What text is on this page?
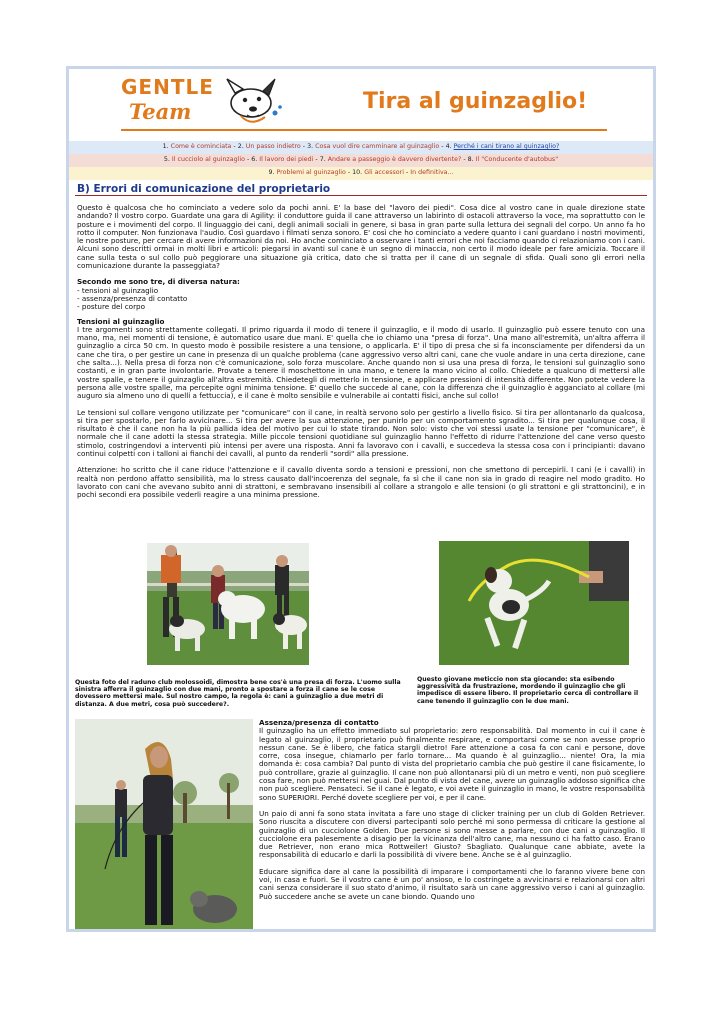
GENTLE
Team	Tira al guinzaglio!
1. Come è cominciata - 2. Un passo indietro - 3. Cosa vuol dire camminare al guinzaglio - 4. Perché i cani tirano al guinzaglio?
5. Il cucciolo al guinzaglio - 6. Il lavoro dei piedi - 7. Andare a passeggio è davvero divertente? - 8. Il "Conducente d'autobus"
9. Problemi al guinzaglio - 10. Gli accessori - In definitiva...
B) Errori di comunicazione del proprietario

Questo è qualcosa che ho cominciato a vedere solo da pochi anni. E' la base del "lavoro dei piedi". Cosa dice al vostro cane in quale direzione state andando? Il vostro corpo. Guardate una gara di Agility: il conduttore guida il cane attraverso un labirinto di ostacoli attraverso la voce, ma soprattutto con le posture e i movimenti del corpo. Il linguaggio dei cani, degli animali sociali in genere, si basa in gran parte sulla lettura dei segnali del corpo. Un anno fa ho rotto il computer. Non funzionava l'audio. Così guardavo i filmati senza sonoro. E' così che ho cominciato a vedere quanto i cani guardano i nostri movimenti, le nostre posture, per cercare di avere informazioni da noi. Ho anche cominciato a osservare i tanti errori che noi facciamo quando ci relazioniamo con i cani. Alcuni sono descritti ormai in molti libri e articoli: piegarsi in avanti sul cane è un segno di minaccia, non certo il modo ideale per fare amicizia. Toccare il cane sulla testa o sul collo può peggiorare una situazione già critica, dato che si tratta per il cane di un segnale di sfida. Quali sono gli errori nella comunicazione durante la passeggiata?

Secondo me sono tre, di diversa natura:
- tensioni al guinzaglio
- assenza/presenza di contatto
- posture del corpo

Tensioni al guinzaglio
I tre argomenti sono strettamente collegati. Il primo riguarda il modo di tenere il guinzaglio, e il modo di usarlo. Il guinzaglio può essere tenuto con una mano, ma, nei momenti di tensione, è automatico usare due mani. E' quella che io chiamo una "presa di forza". Una mano all'estremità, un'altra afferra il guinzaglio a circa 50 cm. In questo modo è possibile resistere a una tensione, o applicarla. E' il tipo di presa che si fa inconsciamente per difendersi da un cane che tira, o per gestire un cane in presenza di un qualche problema (cane aggressivo verso altri cani, cane che vuole andare in una certa direzione, cane che salta...). Nella presa di forza non c'è comunicazione, solo forza muscolare. Anche quando non si usa una presa di forza, le tensioni sul guinzaglio sono costanti, e in gran parte involontarie. Provate a tenere il moschettone in una mano, e tenere la mano vicino al collo. Chiedete a qualcuno di mettersi alle vostre spalle, e tenere il guinzaglio all'altra estremità. Chiedetegli di metterlo in tensione, e applicare pressioni di intensità differente. Non potete vedere la persona alle vostre spalle, ma percepite ogni minima tensione. E' quello che succede al cane, con la differenza che il guinzaglio è agganciato al collare (mi auguro sia almeno uno di quelli a fettuccia), e il cane è molto sensibile e vulnerabile ai contatti fisici, anche sul collo!

Le tensioni sul collare vengono utilizzate per "comunicare" con il cane, in realtà servono solo per gestirlo a livello fisico. Si tira per allontanarlo da qualcosa, si tira per spostarlo, per farlo avvicinare... Si tira per avere la sua attenzione, per punirlo per un comportamento sgradito... Si tira per qualunque cosa, il risultato è che il cane non ha la più pallida idea del motivo per cui lo state tirando. Non solo: visto che voi stessi usate la tensione per "comunicare", è normale che il cane adotti la stessa strategia. Mille piccole tensioni quotidiane sul guinzaglio hanno l'effetto di ridurre l'attenzione del cane verso questo stimolo, costringendovi a interventi più intensi per avere una risposta. Anni fa lavoravo con i cavalli, e succedeva la stessa cosa con i principianti: davano continui colpetti con i talloni ai fianchi dei cavalli, al punto da renderli "sordi" alla pressione.

Attenzione: ho scritto che il cane riduce l'attenzione e il cavallo diventa sordo a tensioni e pressioni, non che smettono di percepirli. I cani (e i cavalli) in realtà non perdono affatto sensibilità, ma lo stress causato dall'incoerenza del segnale, fa sì che il cane non sia in grado di reagire nel modo gradito. Ho lavorato con cani che avevano subito anni di strattoni, e sembravano insensibili al collare a strangolo e alle tensioni (o gli strattoni e gli strattoncini), e in pochi secondi era possibile vederli reagire a una minima pressione.

Questa foto del raduno club molossoidi, dimostra bene cos'è una presa di forza. L'uomo sulla sinistra afferra il guinzaglio con due mani, pronto a spostare a forza il cane se le cose dovessero mettersi male. Sul nostro campo, la regola è: cani a guinzaglio a due metri di distanza. A due metri, cosa può succedere?.
Questo giovane meticcio non sta giocando: sta esibendo aggressività da frustrazione, mordendo il guinzaglio che gli impedisce di essere libero. Il proprietario cerca di controllare il cane tenendo il guinzaglio con le due mani.

Assenza/presenza di contatto
Il guinzaglio ha un effetto immediato sul proprietario: zero responsabilità. Dal momento in cui il cane è legato al guinzaglio, il proprietario può finalmente respirare, e comportarsi come se non avesse proprio nessun cane. Se è libero, che fatica stargli dietro! Fare attenzione a cosa fa con cani e persone, dove corre, cosa insegue, chiamarlo per farlo tornare... Ma quando è al guinzaglio... niente! Ora, la mia domanda è: cosa cambia? Dal punto di vista del proprietario cambia che può gestire il cane fisicamente, lo può controllare, grazie al guinzaglio. Il cane non può allontanarsi più di un metro e venti, non può scegliere cosa fare, non può mettersi nei guai. Dal punto di vista del cane, avere un guinzaglio addosso significa che non può scegliere. Pensateci. Se il cane è legato, e voi avete il guinzaglio in mano, le vostre responsabilità sono SUPERIORI. Perché dovete scegliere per voi, e per il cane.

Un paio di anni fa sono stata invitata a fare uno stage di clicker training per un club di Golden Retriever. Sono riuscita a discutere con diversi partecipanti solo perché mi sono permessa di criticare la gestione al guinzaglio di un cucciolone Golden. Due persone si sono messe a parlare, con due cani a guinzaglio. Il cucciolone era palesemente a disagio per la vicinanza dell'altro cane, ma nessuno ci ha fatto caso. Erano due Retriever, non erano mica Rottweiler! Giusto? Sbagliato. Qualunque cane abbiate, avete la responsabilità di educarlo e darli la possibilità di vivere bene. Anche se è al guinzaglio.

Educare significa dare al cane la possibilità di imparare i comportamenti che lo faranno vivere bene con voi, in casa e fuori. Se il vostro cane è un po' ansioso, e lo costringete a avvicinarsi e relazionarsi con altri cani senza considerare il suo stato d'animo, il risultato sarà un cane aggressivo verso i cani al guinzaglio. Può succedere anche se avete un cane biondo. Quando uno
